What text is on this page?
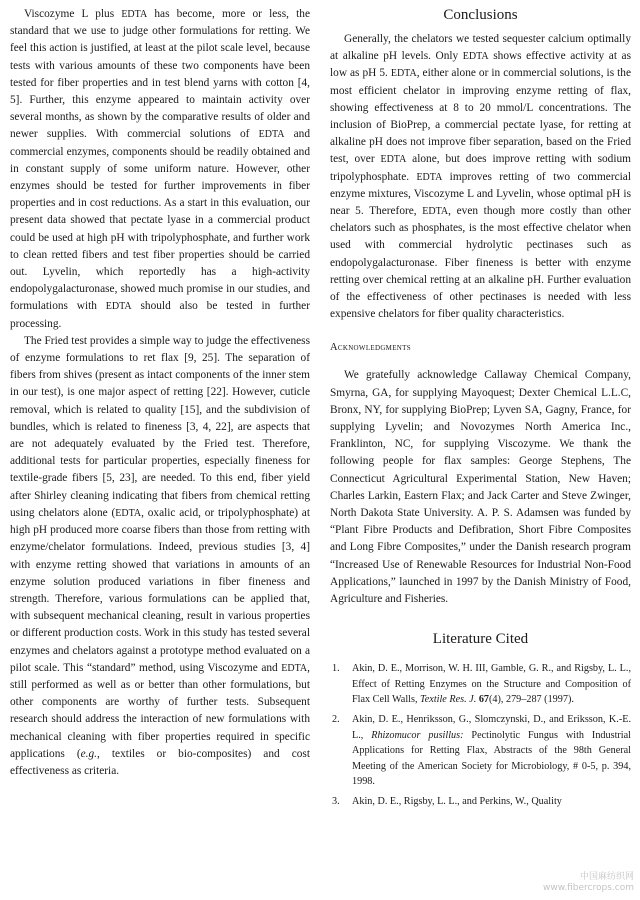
Viscozyme L plus EDTA has become, more or less, the standard that we use to judge other formulations for retting. We feel this action is justified, at least at the pilot scale level, because tests with various amounts of these two components have been tested for fiber properties and in test blend yarns with cotton [4, 5]. Further, this enzyme appeared to maintain activity over several months, as shown by the comparative results of older and newer supplies. With commercial solutions of EDTA and commercial enzymes, components should be readily obtained and in constant supply of some uniform nature. However, other enzymes should be tested for further improvements in fiber properties and in cost reductions. As a start in this evaluation, our present data showed that pectate lyase in a commercial product could be used at high pH with tripolyphosphate, and further work to clean retted fibers and test fiber properties should be carried out. Lyvelin, which reportedly has a high-activity endopolygalacturonase, showed much promise in our studies, and formulations with EDTA should also be tested in further processing.

The Fried test provides a simple way to judge the effectiveness of enzyme formulations to ret flax [9, 25]. The separation of fibers from shives (present as intact components of the inner stem in our test), is one major aspect of retting [22]. However, cuticle removal, which is related to quality [15], and the subdivision of bundles, which is related to fineness [3, 4, 22], are aspects that are not adequately evaluated by the Fried test. Therefore, additional tests for particular properties, especially fineness for textile-grade fibers [5, 23], are needed. To this end, fiber yield after Shirley cleaning indicating that fibers from chemical retting using chelators alone (EDTA, oxalic acid, or tripolyphosphate) at high pH produced more coarse fibers than those from retting with enzyme/chelator formulations. Indeed, previous studies [3, 4] with enzyme retting showed that variations in amounts of an enzyme solution produced variations in fiber fineness and strength. Therefore, various formulations can be applied that, with subsequent mechanical cleaning, result in various properties or different production costs. Work in this study has tested several enzymes and chelators against a prototype method evaluated on a pilot scale. This “standard” method, using Viscozyme and EDTA, still performed as well as or better than other formulations, but other components are worthy of further tests. Subsequent research should address the interaction of new formulations with mechanical cleaning with fiber properties required in specific applications (e.g., textiles or bio-composites) and cost effectiveness as criteria.

Conclusions

Generally, the chelators we tested sequester calcium optimally at alkaline pH levels. Only EDTA shows effective activity at as low as pH 5. EDTA, either alone or in commercial solutions, is the most efficient chelator in improving enzyme retting of flax, showing effectiveness at 8 to 20 mmol/L concentrations. The inclusion of BioPrep, a commercial pectate lyase, for retting at alkaline pH does not improve fiber separation, based on the Fried test, over EDTA alone, but does improve retting with sodium tripolyphosphate. EDTA improves retting of two commercial enzyme mixtures, Viscozyme L and Lyvelin, whose optimal pH is near 5. Therefore, EDTA, even though more costly than other chelators such as phosphates, is the most effective chelator when used with commercial hydrolytic pectinases such as endopolygalacturonase. Fiber fineness is better with enzyme retting over chemical retting at an alkaline pH. Further evaluation of the effectiveness of other pectinases is needed with less expensive chelators for fiber quality characteristics.

Acknowledgments

We gratefully acknowledge Callaway Chemical Company, Smyrna, GA, for supplying Mayoquest; Dexter Chemical L.L.C, Bronx, NY, for supplying BioPrep; Lyven SA, Gagny, France, for supplying Lyvelin; and Novozymes North America Inc., Franklinton, NC, for supplying Viscozyme. We thank the following people for flax samples: George Stephens, The Connecticut Agricultural Experimental Station, New Haven; Charles Larkin, Eastern Flax; and Jack Carter and Steve Zwinger, North Dakota State University. A. P. S. Adamsen was funded by “Plant Fibre Products and Defibration, Short Fibre Composites and Long Fibre Composites,” under the Danish research program “Increased Use of Renewable Resources for Industrial Non-Food Applications,” launched in 1997 by the Danish Ministry of Food, Agriculture and Fisheries.

Literature Cited
1. Akin, D. E., Morrison, W. H. III, Gamble, G. R., and Rigsby, L. L., Effect of Retting Enzymes on the Structure and Composition of Flax Cell Walls, Textile Res. J. 67(4), 279–287 (1997).
2. Akin, D. E., Henriksson, G., Slomczynski, D., and Eriksson, K.-E. L., Rhizomucor pusillus: Pectinolytic Fungus with Industrial Applications for Retting Flax, Abstracts of the 98th General Meeting of the American Society for Microbiology, # 0-5, p. 394, 1998.
3. Akin, D. E., Rigsby, L. L., and Perkins, W., Quality
中国麻纺织网
www.fibercrops.com
